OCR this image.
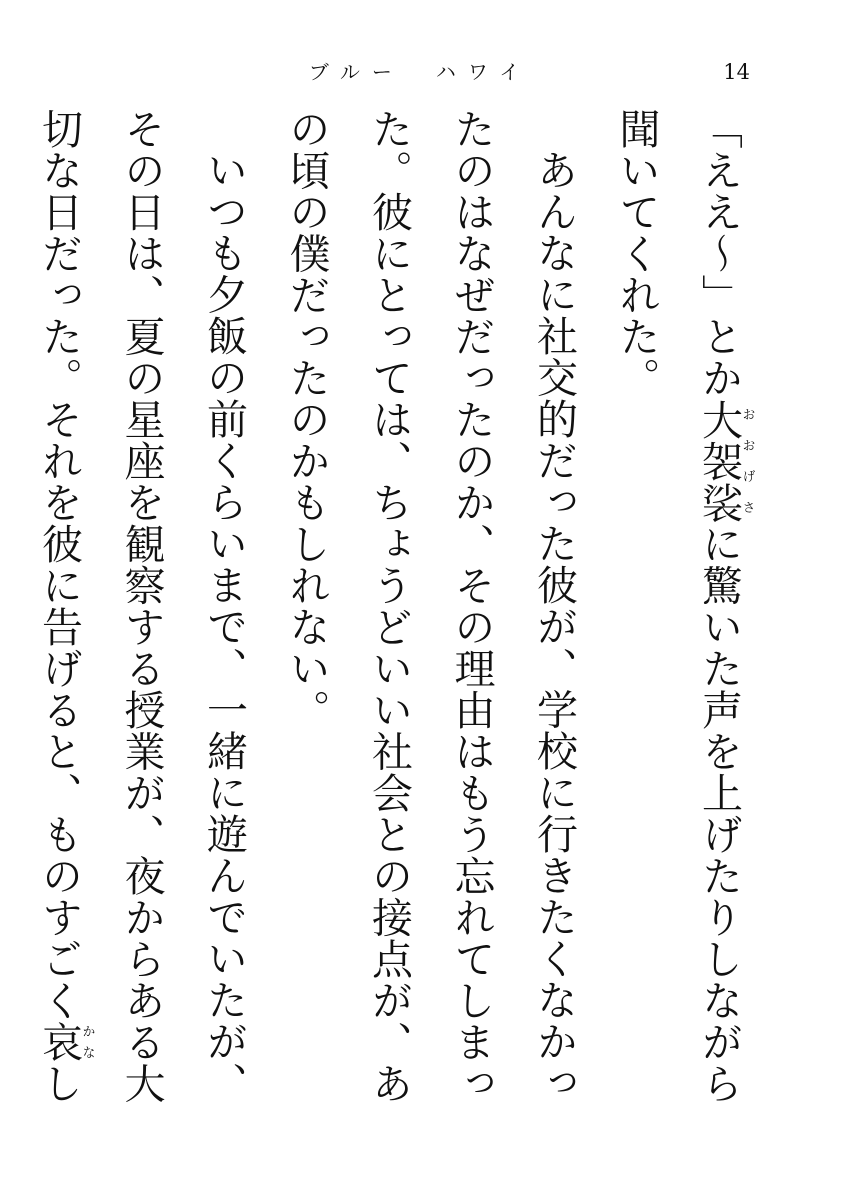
ブルー　ハワイ	14

「ええ～」とか大袈裟おおげさに驚いた声を上げたりしながら聞いてくれた。

あんなに社交的だった彼が、学校に行きたくなかったのはなぜだったのか、その理由はもう忘れてしまった。彼にとっては、ちょうどいい社会との接点が、あの頃の僕だったのかもしれない。

いつも夕飯の前くらいまで、一緒に遊んでいたが、その日は、夏の星座を観察する授業が、夜からある大切な日だった。それを彼に告げると、ものすごく哀かなし
